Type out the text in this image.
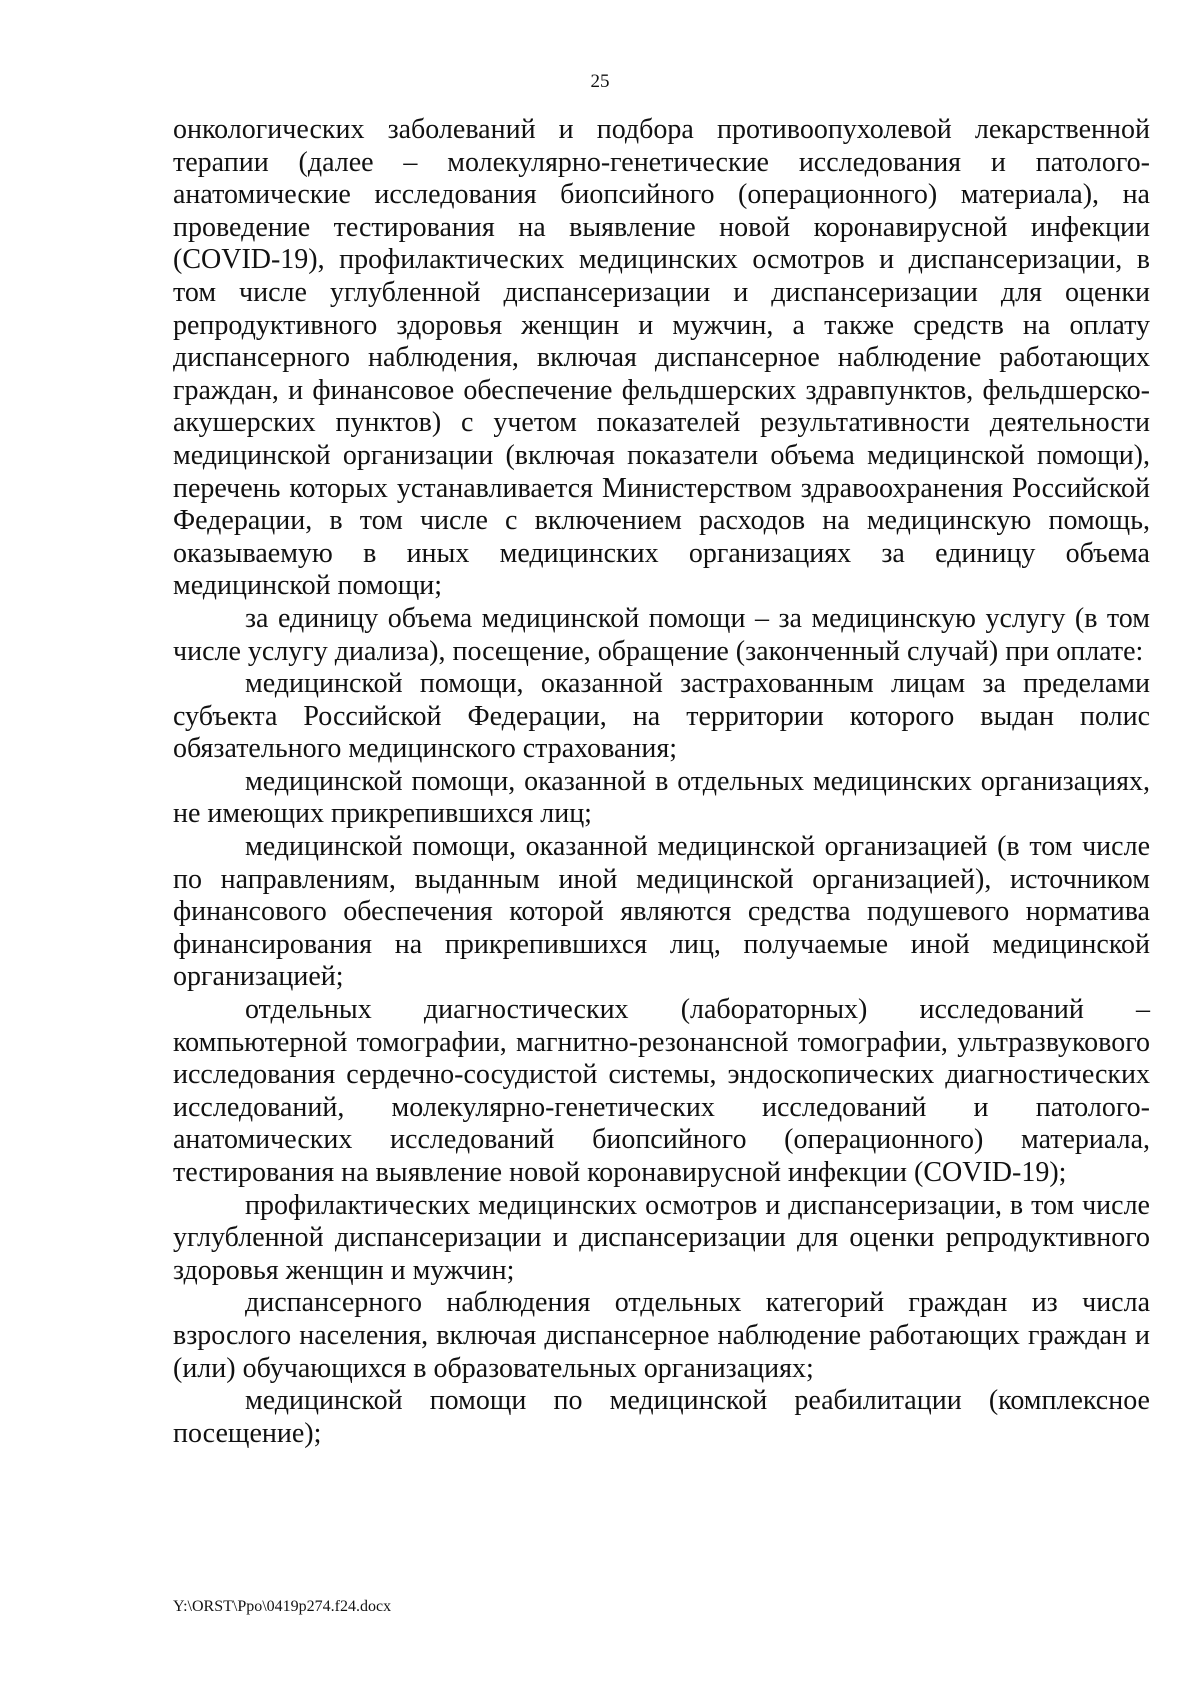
25

онкологических заболеваний и подбора противоопухолевой лекарственной терапии (далее – молекулярно-генетические исследования и патолого-анатомические исследования биопсийного (операционного) материала), на проведение тестирования на выявление новой коронавирусной инфекции (COVID-19), профилактических медицинских осмотров и диспансеризации, в том числе углубленной диспансеризации и диспансеризации для оценки репродуктивного здоровья женщин и мужчин, а также средств на оплату диспансерного наблюдения, включая диспансерное наблюдение работающих граждан, и финансовое обеспечение фельдшерских здравпунктов, фельдшерско-акушерских пунктов) с учетом показателей результативности деятельности медицинской организации (включая показатели объема медицинской помощи), перечень которых устанавливается Министерством здравоохранения Российской Федерации, в том числе с включением расходов на медицинскую помощь, оказываемую в иных медицинских организациях за единицу объема медицинской помощи;

за единицу объема медицинской помощи – за медицинскую услугу (в том числе услугу диализа), посещение, обращение (законченный случай) при оплате:

медицинской помощи, оказанной застрахованным лицам за пределами субъекта Российской Федерации, на территории которого выдан полис обязательного медицинского страхования;

медицинской помощи, оказанной в отдельных медицинских организациях, не имеющих прикрепившихся лиц;

медицинской помощи, оказанной медицинской организацией (в том числе по направлениям, выданным иной медицинской организацией), источником финансового обеспечения которой являются средства подушевого норматива финансирования на прикрепившихся лиц, получаемые иной медицинской организацией;

отдельных диагностических (лабораторных) исследований – компьютерной томографии, магнитно-резонансной томографии, ультразвукового исследования сердечно-сосудистой системы, эндоскопических диагностических исследований, молекулярно-генетических исследований и патолого-анатомических исследований биопсийного (операционного) материала, тестирования на выявление новой коронавирусной инфекции (COVID-19);

профилактических медицинских осмотров и диспансеризации, в том числе углубленной диспансеризации и диспансеризации для оценки репродуктивного здоровья женщин и мужчин;

диспансерного наблюдения отдельных категорий граждан из числа взрослого населения, включая диспансерное наблюдение работающих граждан и (или) обучающихся в образовательных организациях;

медицинской помощи по медицинской реабилитации (комплексное посещение);

Y:\ORST\Ppo\0419p274.f24.docx
